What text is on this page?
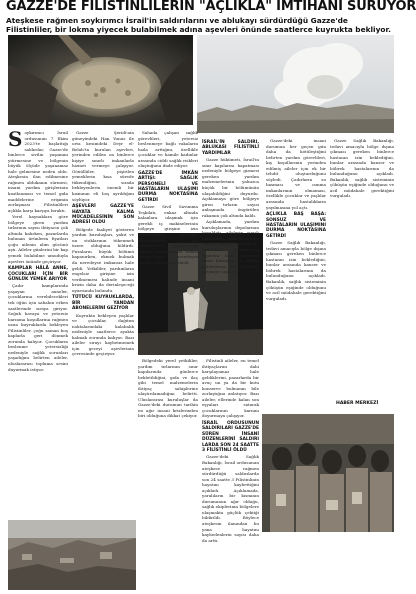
GAZZE'DE FİLİSTİNLİLERİN "AÇLIKLA" İMTİHANI SÜRÜYOR
Ateşkese rağmen soykırımcı İsrail'in saldırılarını ve ablukayı sürdürdüğü Gazze'de Filistinliler, bir lokma yiyecek bulabilmek adına aşevleri önünde saatlerce kuyrukta bekliyor.

Soykırımcı İsrail ordusunun 7 Ekim 2023'te başlattığı saldırılar, Gazze'de binlerce sivilin yaşamını yitirmesine ve bölgenin büyük ölçüde yaşanamaz hale gelmesine neden oldu. Ateşkesin ilan edilmesine rağmen ablukanın sürmesi, insani yardım girişlerinin kısıtlanması ve temel gıda maddelerine erişimin zorlaşması Filistinlileri açlıkla karşı karşıya bıraktı.

Yerel kaynaklara göre bölgeye giren yardım tırlarının sayısı ihtiyacın çok altında kalırken, pazarlarda bulunan ürünlerin fiyatları çoğu ailenin alım gücünü aştı. Aileler günlerini bir kap yemek bulabilme umuduyla aşevleri önünde geçiriyor.

KAMPLAR HÂLÂ ANNE, ÇOCUKLARI İÇİN BİR GÜNLÜK YEMEK ARIYOR

Çadır kamplarında yaşayan anneler, çocuklarına verebilecekleri tek öğün için sabahın erken saatlerinde sıraya giriyor. Soğuk havaya ve yetersiz barınma koşullarına rağmen uzun kuyruklarda bekleyen Filistinliler, çoğu zaman boş kaplarla geri dönmek zorunda kalıyor. Çocukların beslenme yetersizliği nedeniyle sağlık sorunları yaşadığını belirten aileler, uluslararası topluma sesini duyurmak istiyor.

Gazze Şeridi'nin güneyindeki Han Yunus ile orta kesimdeki Deyr el-Belah'ta kurulan aşevleri, yerinden edilen on binlerce kişiye sınırlı imkanlarla hizmet vermeye çalışıyor. Gönüllüler, pişirilen yemeklerin kısa sürede tükendiğini, sırada bekleyenlerin önemli bir kısmının eli boş ayrıldığını söylüyor.

AŞEVLERİ GAZZE'YE HAYATA KALMA MÜCADELESİNİN SON ADRESİ OLDU

Bölgede faaliyet gösteren yardım kuruluşları, yakıt ve un stoklarının tükenmek üzere olduğunu bildirdi. Fırınların büyük bölümü kapanırken, ekmek bulmak da neredeyse imkansız hale geldi. Yetkililer, yardımların engelsiz girişine izin verilmemesi halinde insani krizin daha da derinleşeceği uyarısında bulundu.

TÜTÜCÜ KUYRUKLARDA, BİR YANDAN ABONELERİNİ GEZİYOR

Kuyrukta bekleyen yaşlılar ve çocuklar, dağıtım noktalarındaki kalabalık nedeniyle saatlerce ayakta kalmak zorunda kalıyor. Bazı aileler sırayı kaybetmemek için geceyi aşevlerinin çevresinde geçiriyor.

Sahada çalışan sağlık görevlileri, yetersiz beslenmeye bağlı vakaların hızla arttığını, özellikle çocuklar ve hamile kadınlar arasında ciddi sağlık riskleri oluştuğunu ifade ediyor.

GAZZE'DE İMKÂN ARTIŞI: SAĞLIK PERSONELİ VE HASTALARIN ULAŞIMI DURMA NOKTASINA GETİRDİ

Gazze Sivil Savunma Teşkilatı, enkaz altında kalanlara ulaşmak için gerekli iş makinelerinin bölgeye girişine izin verilmediğini açıkladı. Hastanelerde ise jeneratörleri çalıştıracak yakıtın bulunmaması, tedavi hizmetlerini neredeyse durma noktasına getirdi.

Bölgedeki yerel yetkililer, yardım tırlarının sınır kapılarında günlerce bekletildiğini, gıda ve ilaç gibi temel malzemelerin ihtiyaç sahiplerine ulaştırılamadığını belirtti. Uluslararası kuruluşlar da Gazze'deki durumun tarihin en ağır insani krizlerinden biri olduğuna dikkat çekiyor.

Filistinli aileler, en temel ihtiyaçlarını dahi karşılayamaz hale geldiklerini, pazarlarda bir avuç un ya da bir kutu konserve bulmanın bile zorlaştığını anlatıyor. Bazı aileler, ellerinde kalan son eşyaları satarak çocuklarının karnını doyurmaya çalışıyor.

İSRAİL ORDUSUNUN SALDIRILARI GAZZE'DE SÜREN İNSANİ DÜZENLERİNİ SALDIRI LARDA SON 24 SAATTE 3 FİLİSTİNLİ ÖLDÜ

Gazze'deki Sağlık Bakanlığı, İsrail ordusunun ateşkese rağmen sürdürdüğü saldırılarda son 24 saatte 3 Filistinlinin hayatını kaybettiğini açıkladı. Açıklamada, yaralıların bir kısmının durumunun ağır olduğu, sağlık ekiplerinin bölgelere ulaşmakta güçlük çektiği bildirildi. Böylece ateşkesin ilanından bu yana hayatını kaybedenlerin sayısı daha da arttı.

İSRAİL'İN SALDIRI, ABLUKASI FİLİSTİNLİ YARDIMLAR

Gazze hükümeti, İsrail'in sınır kapılarını kapatması nedeniyle bölgeye girmesi gereken yardım malzemelerinin yalnızca küçük bir bölümünün ulaşabildiğini duyurdu. Açıklamaya göre bölgeye giren tırların sayısı anlaşmada öngörülen rakamın çok altında kaldı.

Açıklamada, yardım kuruluşlarının depolarının boşaldığı, ailelerin sınırlı miktardaki gıda kolilerine muhtaç kaldığı vurgulandı. Yetkililer, uluslararası toplumu İsrail üzerinde baskı kurmaya ve abluka kaldırılması için harekete geçmeye çağırdı.

Gazze'deki insani durumun her geçen gün daha da kötüleştiğini belirten yardım görevlileri, kış koşullarının yerinden edilmiş aileler için ek bir tehdit oluşturduğunu söyledi. Çadırların su basması ve ısınma imkanlarının olmaması, özellikle çocuklar ve yaşlılar arasında hastalıkların yayılmasına yol açtı.

AÇLIKLA BAŞ BAŞA: SONSUZ VE HASTALARIN ULAŞIMINI DURMA NOKTASINA GETİRDİ

Gazze Sağlık Bakanlığı, tedavi amacıyla bölge dışına çıkması gereken binlerce hastanın izin beklediğini, bunlar arasında kanser ve böbrek hastalarının da bulunduğunu açıkladı. Bakanlık, sağlık sisteminin çöküşün eşiğinde olduğunu ve acil müdahale gerektiğini vurguladı.

Gazze Sağlık Bakanlığı, tedavi amacıyla bölge dışına çıkması gereken binlerce hastanın izin beklediğini, bunlar arasında kanser ve böbrek hastalarının da bulunduğunu açıkladı. Bakanlık, sağlık sisteminin çöküşün eşiğinde olduğunu ve acil müdahale gerektiğini vurguladı.

HABER MERKEZİ
